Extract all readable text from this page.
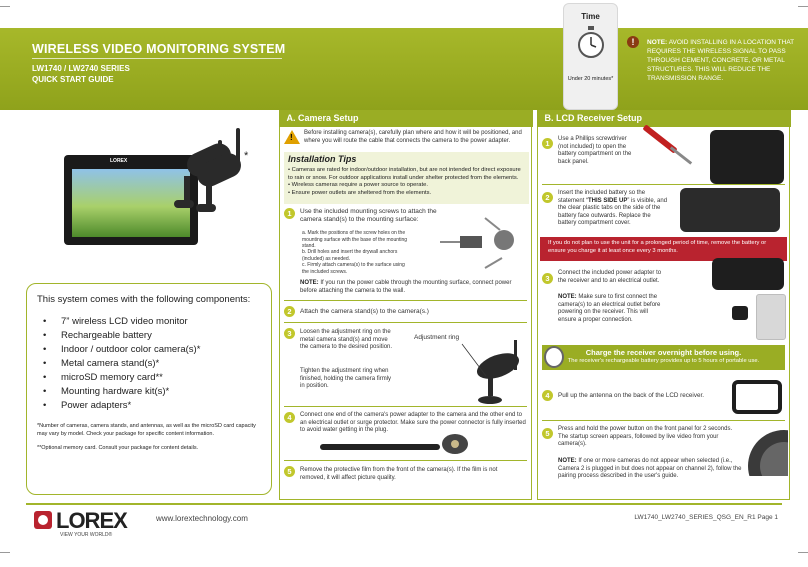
WIRELESS VIDEO MONITORING SYSTEM
LW1740 / LW2740 SERIES
QUICK START GUIDE
Time
Under 20 minutes*
!	NOTE: AVOID INSTALLING IN A LOCATION THAT REQUIRES THE WIRELESS SIGNAL TO PASS THROUGH CEMENT, CONCRETE, OR METAL STRUCTURES. THIS WILL REDUCE THE TRANSMISSION RANGE.
LOREX	*
This system comes with the following components:
• 7” wireless LCD video monitor
• Rechargeable battery
• Indoor / outdoor color camera(s)*
• Metal camera stand(s)*
• microSD memory card**
• Mounting hardware kit(s)*
• Power adapters*
*Number of cameras, camera stands, and antennas, as well as the microSD card capacity may vary by model. Check your package for specific content information.
**Optional memory card. Consult your package for content details.
A. Camera Setup
! Before installing camera(s), carefully plan where and how it will be positioned, and where you will route the cable that connects the camera to the power adapter.
Installation Tips
• Cameras are rated for indoor/outdoor installation, but are not intended for direct exposure to rain or snow. For outdoor applications install under shelter protected from the elements.
• Wireless cameras require a power source to operate.
• Ensure power outlets are sheltered from the elements.
1	Use the included mounting screws to attach the camera stand(s) to the mounting surface:
a. Mark the positions of the screw holes on the mounting surface with the base of the mounting stand.
b. Drill holes and insert the drywall anchors (included) as needed.
c. Firmly attach camera(s) to the surface using the included screws.
NOTE: If you run the power cable through the mounting surface, connect power before attaching the camera to the wall.
2	Attach the camera stand(s) to the camera(s.)
3	Loosen the adjustment ring on the metal camera stand(s) and move the camera to the desired position.
Tighten the adjustment ring when finished, holding the camera firmly in position.
Adjustment ring
4	Connect one end of the camera's power adapter to the camera and the other end to an electrical outlet or surge protector. Make sure the power connector is fully inserted to avoid water getting in the plug.
5	Remove the protective film from the front of the camera(s). If the film is not removed, it will affect picture quality.
B. LCD Receiver Setup
1	Use a Phillips screwdriver (not included) to open the battery compartment on the back panel.
2	Insert the included battery so the statement “THIS SIDE UP” is visible, and the clear plastic tabs on the side of the battery face outwards. Replace the battery compartment cover.
If you do not plan to use the unit for a prolonged period of time, remove the battery or ensure you charge it at least once every 3 months.
3
Connect the included power adapter to the receiver and to an electrical outlet.
NOTE: Make sure to first connect the camera(s) to an electrical outlet before powering on the receiver. This will ensure a proper connection.
Charge the receiver overnight before using.
The receiver's rechargeable battery provides up to 5 hours of portable use.
4	Pull up the antenna on the back of the LCD receiver.
5	Press and hold the power button on the front panel for 2 seconds. The startup screen appears, followed by live video from your camera(s).
NOTE: If one or more cameras do not appear when selected (i.e., Camera 2 is plugged in but does not appear on channel 2), follow the pairing process described in the user's guide.
LOREX
VIEW YOUR WORLD®
www.lorextechnology.com	LW1740_LW2740_SERIES_QSG_EN_R1 Page 1
